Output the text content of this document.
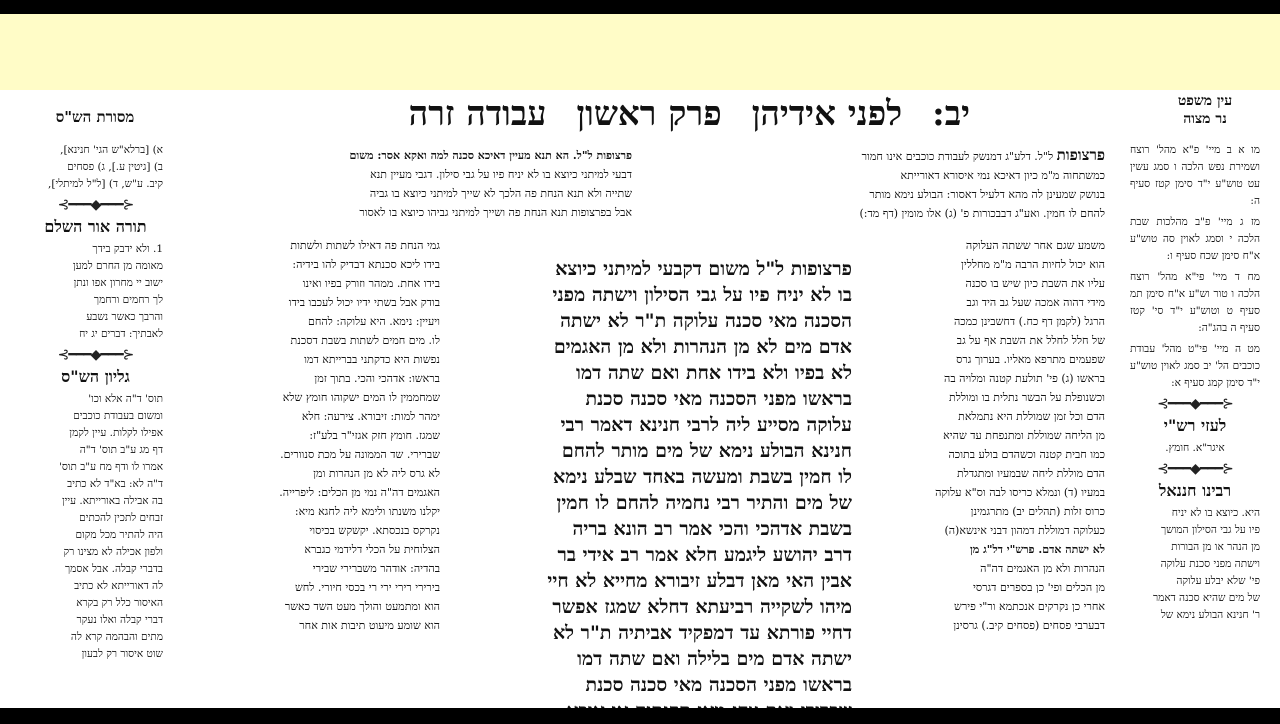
יב:
לפני אידיהן
פרק ראשון
עבודה זרה	עין משפט
נר מצוה
מסורת הש"ס
מו א ב מיי' פ"א מהל' רוצח ושמירת נפש הלכה ו סמג עשין עט טוש"ע י"ד סימן קטז סעיף ה:
מז ג מיי' פ"ב מהלכות שבת הלכה י וסמג לאוין סה טוש"ע א"ח סימן שכח סעיף ו:
מח ד מיי' פי"א מהל' רוצח הלכה ו טור וש"ע א"ח סימן תמ סעיף ט וטוש"ע י"ד סי' קטז סעיף ה בהג"ה:
מט ה מיי' פי"ט מהל' עבודת כוכבים הל' יב סמג לאוין טוש"ע י"ד סימן קמג סעיף א:
⊰━━━◆━━━⊱
לעזי רש"י
איגר"א. חומץ.
⊰━━━◆━━━⊱
רבינו חננאל
היא. כיוצא בו לא יניח
פיו על גבי הסילון המושך
מן הנהר או מן הבורות
וישתה מפני סכנת עלוקה
פי' שלא יבלע עלוקה
של מים שהיא סכנה דאמר
ר' חנינא הבולע נימא של
פרצופות ל"ל. דלע"ג דמנשק לעבודת כוכבים אינו חמור
כמשתחוה מ"מ כיון דאיכא נמי איסורא דאורייתא
בנושק שמעינן לה מהא דלעיל דאסור: הבולע נימא מותר
להחם לו חמין. ואע"ג דבבכורות פ' (ג) אלו מומין (דף מד:)
משמע שגם אחר ששתה העלוקה
הוא יכול לחיות הרבה מ"מ מחללין
עליו את השבת כיון שיש בו סכנה
מידי דהוה אמכה שעל גב היד וגב
הרגל (לקמן דף כח.) דחשבינן כמכה
של חלל לחלל את השבת אף על גב
שפעמים מתרפא מאליו. בערוך גרס
בראשו (ג) פי' תולעת קטנה ומלויה בה
וכשנופלת על הבשר נתלית בו ומוללת
הדם וכל זמן שמוללת היא נתמלאת
מן הליחה שמוללת ומתנפחת עד שהיא
כמו חבית קטנה וכשהדם בולע בתוכה
הדם מוללת ליחה שבמעיו ומתגדלת
במעיו (ד) ונמלא כריסו לבה וס"א עלוקה
כרוס זלות (תהלים יב) מתרגמינן
כעלוקה דמוללת דמהון דבני אינשא(ה)
לא ישתה אדם. פרש"י דל"ג מן
הנהרות ולא מן האגמים דה"ה
מן הכלים ופי' כן בספרים דגרסי
אחרי כן נקרקים אנכתמא ור"י פירש
דבערבי פסחים (פסחים קיב.) גרסינן
פרצופות ל"ל משום דקבעי למיתני כיוצא
בו לא יניח פיו על גבי הסילון וישתה מפני
הסכנה מאי סכנה עלוקה ת"ר לא ישתה
אדם מים לא מן הנהרות ולא מן האגמים
לא בפיו ולא בידו אחת ואם שתה דמו
בראשו מפני הסכנה מאי סכנה סכנת
עלוקה מסייע ליה לרבי חנינא דאמר רבי
חנינא הבולע נימא של מים מותר להחם
לו חמין בשבת ומעשה באחד שבלע נימא
של מים והתיר רבי נחמיה להחם לו חמין
בשבת אדהכי והכי אמר רב הונא בריה
דרב יהושע ליגמע חלא אמר רב אידי בר
אבין האי מאן דבלע זיבורא מחייא לא חיי
מיהו לשקייה רביעתא דחלא שמגז אפשר
דחיי פורתא עד דמפקיד אביתיה ת"ר לא
ישתה אדם מים בלילה ואם שתה דמו
בראשו מפני הסכנה מאי סכנה סכנת
פרצופות ל"ל. הא תנא מעיין דאיכא סכנה למה ואקא אסר: משום
דבעי למיתני כיוצא בו לא יניח פיו על גבי סילון. דגבי מעיין תנא
שתייה ולא תנא הנחת פה הלכך לא שייך למיתני כיוצא בו גביה
אבל בפרצופות תנא הנחת פה ושייך למיתני גביהו כיוצא בו לאסור
גמי הנחת פה דאילו לשתות ולשתות
בידו ליכא סכנתא דבדיק להו בידיה:
בידו אחת. ממהר וזורק בפיו ואינו
בודק אבל בשתי ידיו יכול לעכבו בידו
ויעיין: נימא. היא עלוקה: להחם
לו. מים חמים לשתות בשבת דסכנת
נפשות היא כדקתני בברייתא דמו
בראשו: אדהכי והכי. בתוך זמן
שמחממין לו המים ישקוהו חומץ שלא
ימהר למות: זיבורא. צירעה: חלא
שמגז. חומץ חזק אגזי"ר בלע"ז:
שברירי. שד הממונה על מכת סנוורים.
לא גרס ליה לא מן הנהרות ומן
האגמים דה"ה נמי מן הכלים: ליפרייה.
יקלנו משנתו ולימא ליה לחגא מיא:
נקרקס בנכסתא. יקשקש בכיסוי
הצלוחית על הכלי דלידמי כגברא
בהדיה: אודהר משברירי שבירי
בירירי רירי ירי רי בכסי חיורי. לחש
הוא ומתמעט והולך מעט השד כאשר
הוא שומע מיעוט תיבות אות אחר
א) [ברלא"ש הגי' חנינא],
ב) [גיטין ע.], ג) פסחים
קיב. ע"ש, ד) [ל"ל למיתלי],
⊰━━━◆━━━⊱
תורה אור השלם
1. ולא ידבק בידך
מאומה מן החרם למען
ישוב יי מחרון אפו ונתן
לך רחמים ורחמך
והרבך כאשר נשבע
לאבתיך: דברים יג יח
⊰━━━◆━━━⊱
גליון הש"ס
תוס' ד"ה אלא וכו'
ומשום בעבודת כוכבים
אפילו לקלות. עיין לקמן
דף מג ע"ב תוס' ד"ה
אמרו לו ודף מח ע"ב תוס'
ד"ה לא: בא"ד לא כתיב
בה אבילה באורייתא. עיין
זבחים לתכין להכתים
היה להתיר מכל מקום
ולפון אכילה לא מצינו רק
בדברי קבלה. אבל אסמך
לה דאורייתא לא כתיב
האיסור כלל רק בקרא
דברי קבלה ואלו נעקר
מתים והבהמה קרא לה
שוט איסור רק לבעון
